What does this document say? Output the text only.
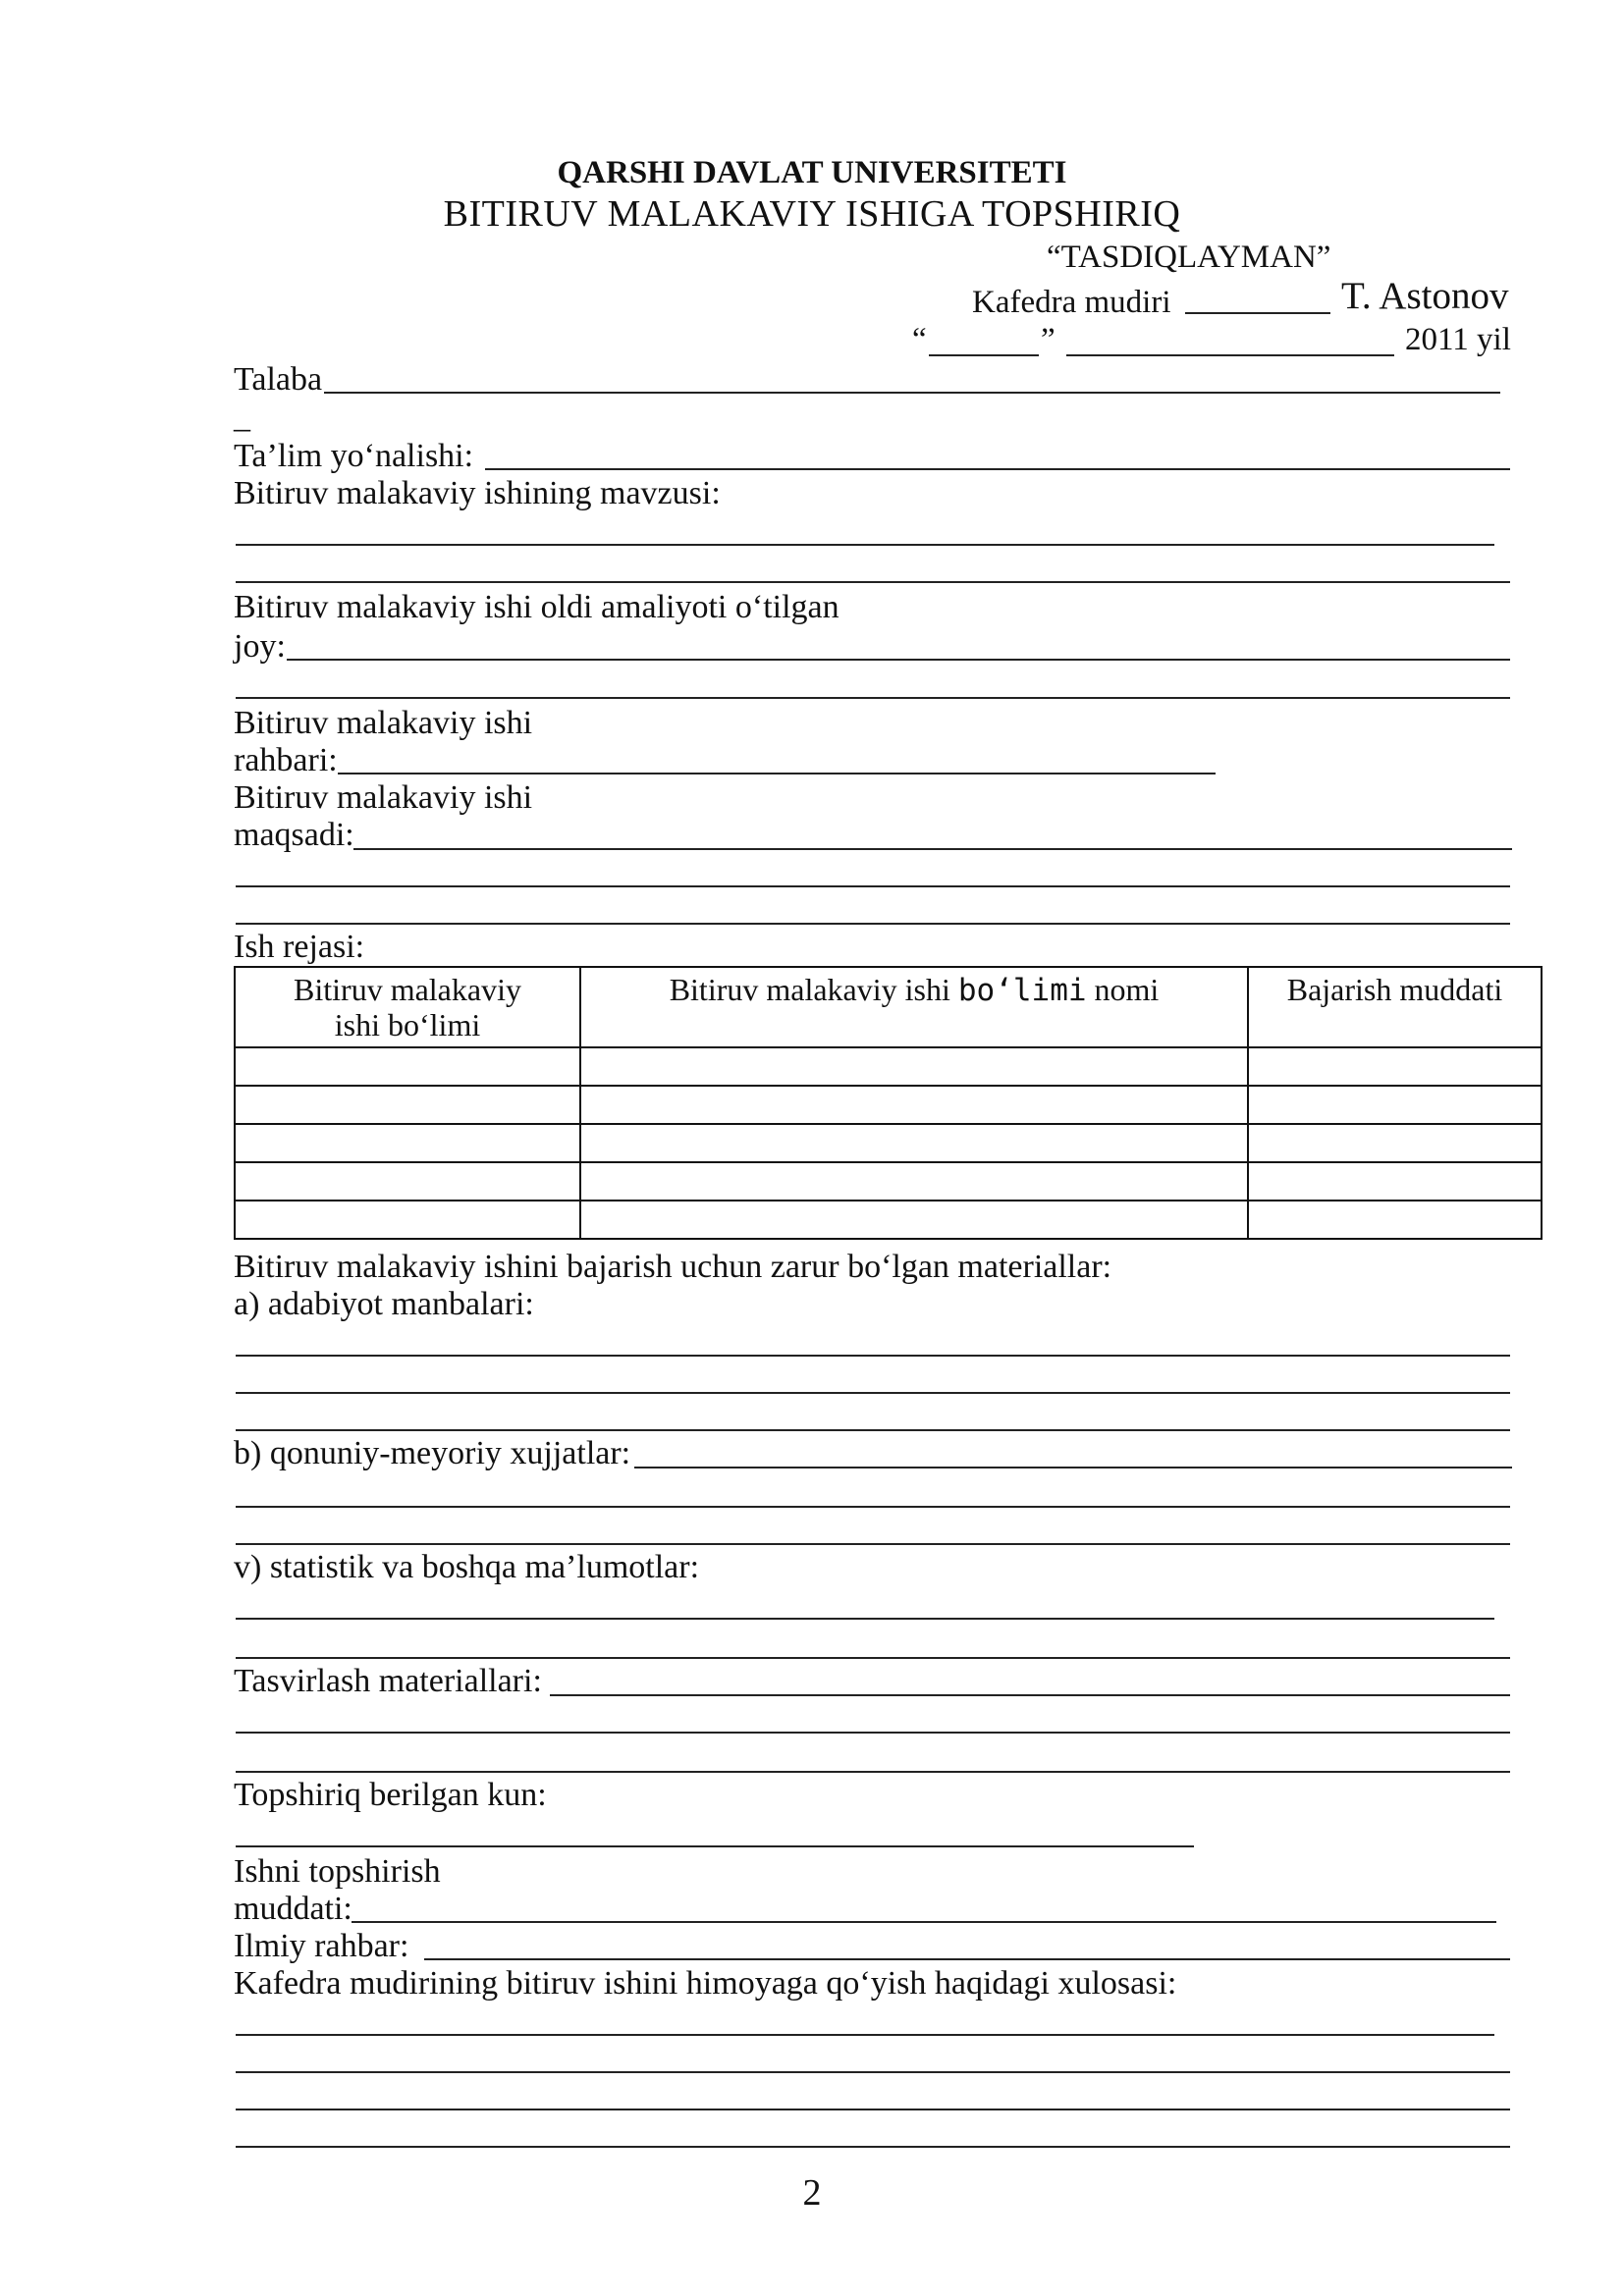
QARSHI DAVLAT UNIVERSITETI
BITIRUV MALAKAVIY ISHIGA TOPSHIRIQ
“TASDIQLAYMAN”
Kafedra mudiri	T. Astonov
“	”	2011 yil
Talaba
_
Ta’lim yo‘nalishi:
Bitiruv malakaviy ishining mavzusi:
Bitiruv malakaviy ishi oldi amaliyoti o‘tilgan
joy:
Bitiruv malakaviy ishi
rahbari:
Bitiruv malakaviy ishi
maqsadi:
Ish rejasi:
Bitiruv malakaviy
ishi bo‘limi	Bitiruv malakaviy ishi bo‘limi nomi	Bajarish muddati

Bitiruv malakaviy ishini bajarish uchun zarur bo‘lgan materiallar:
a) adabiyot manbalari:
b) qonuniy-meyoriy xujjatlar:
v) statistik va boshqa ma’lumotlar:
Tasvirlash materiallari:
Topshiriq berilgan kun:
Ishni topshirish
muddati:
Ilmiy rahbar:
Kafedra mudirining bitiruv ishini himoyaga qo‘yish haqidagi xulosasi:
2
